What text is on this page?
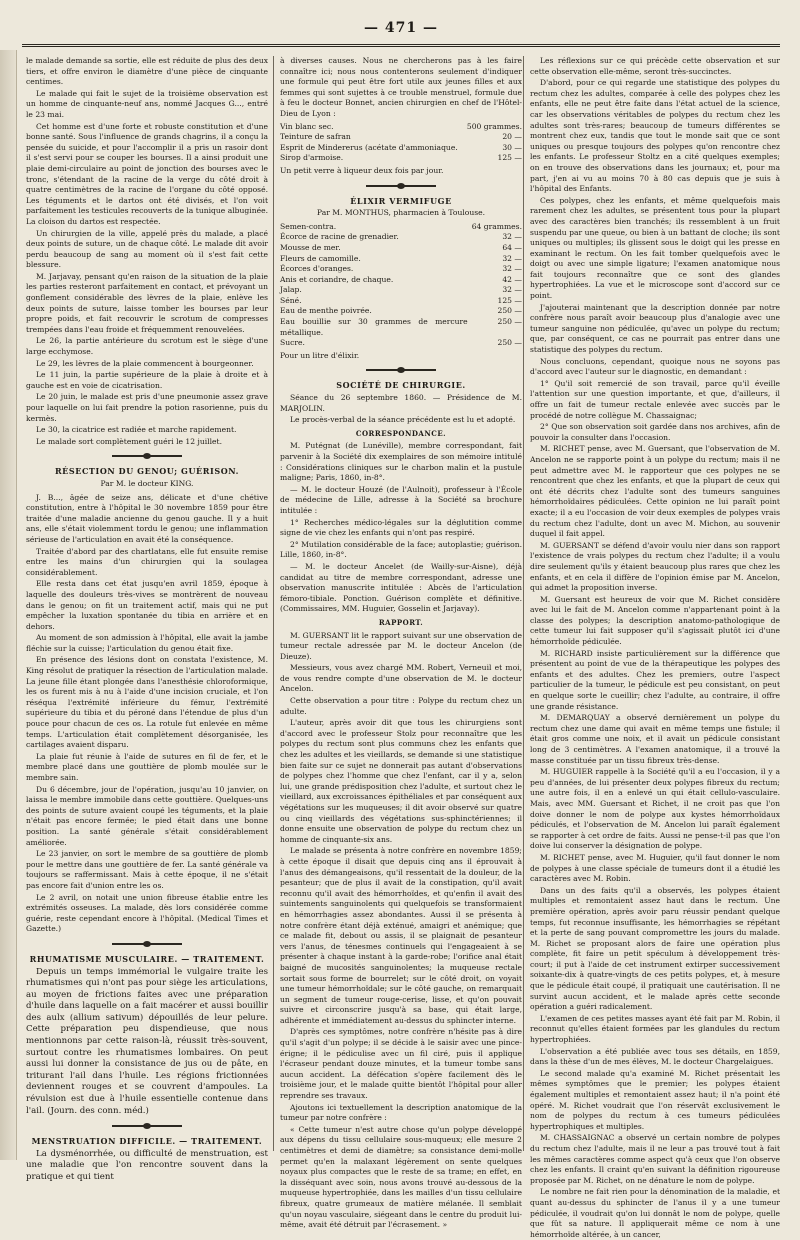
— 471 —

le malade demande sa sortie, elle est réduite de plus des deux tiers, et offre environ le diamètre d'une pièce de cinquante centimes.

Le malade qui fait le sujet de la troisième observation est un homme de cinquante-neuf ans, nommé Jacques G..., entré le 23 mai.

Cet homme est d'une forte et robuste constitution et d'une bonne santé. Sous l'influence de grands chagrins, il a conçu la pensée du suicide, et pour l'accomplir il a pris un rasoir dont il s'est servi pour se couper les bourses. Il a ainsi produit une plaie demi-circulaire au point de jonction des bourses avec le tronc, s'étendant de la racine de la verge du côté droit à quatre centimètres de la racine de l'organe du côté opposé. Les téguments et le dartos ont été divisés, et l'on voit parfaitement les testicules recouverts de la tunique albuginée. La cloison du dartos est respectée.

Un chirurgien de la ville, appelé près du malade, a placé deux points de suture, un de chaque côté. Le malade dit avoir perdu beaucoup de sang au moment où il s'est fait cette blessure.

M. Jarjavay, pensant qu'en raison de la situation de la plaie les parties resteront parfaitement en contact, et prévoyant un gonflement considérable des lèvres de la plaie, enlève les deux points de suture, laisse tomber les bourses par leur propre poids, et fait recouvrir le scrotum de compresses trempées dans l'eau froide et fréquemment renouvelées.

Le 26, la partie antérieure du scrotum est le siège d'une large ecchymose.

Le 29, les lèvres de la plaie commencent à bourgeonner.

Le 11 juin, la partie supérieure de la plaie à droite et à gauche est en voie de cicatrisation.

Le 20 juin, le malade est pris d'une pneumonie assez grave pour laquelle on lui fait prendre la potion rasorienne, puis du kermès.

Le 30, la cicatrice est radiée et marche rapidement.

Le malade sort complètement guéri le 12 juillet.

RÉSECTION DU GENOU; GUÉRISON.
Par M. le docteur KING.

J. B..., âgée de seize ans, délicate et d'une chétive constitution, entre à l'hôpital le 30 novembre 1859 pour être traitée d'une maladie ancienne du genou gauche. Il y a huit ans, elle s'était violemment tordu le genou; une inflammation sérieuse de l'articulation en avait été la conséquence.

Traitée d'abord par des chartlatans, elle fut ensuite remise entre les mains d'un chirurgien qui la soulagea considérablement.

Elle resta dans cet état jusqu'en avril 1859, époque à laquelle des douleurs très-vives se montrèrent de nouveau dans le genou; on fit un traitement actif, mais qui ne put empêcher la luxation spontanée du tibia en arrière et en dehors.

Au moment de son admission à l'hôpital, elle avait la jambe fléchie sur la cuisse; l'articulation du genou était fixe.

En présence des lésions dont on constata l'existence, M. King résolut de pratiquer la résection de l'articulation malade. La jeune fille étant plongée dans l'anesthésie chloroformique, les os furent mis à nu à l'aide d'une incision cruciale, et l'on réséqua l'extrémité inférieure du fémur, l'extrémité supérieure du tibia et du péroné dans l'étendue de plus d'un pouce pour chacun de ces os. La rotule fut enlevée en même temps. L'articulation était complètement désorganisée, les cartilages avaient disparu.

La plaie fut réunie à l'aide de sutures en fil de fer, et le membre placé dans une gouttière de plomb moulée sur le membre sain.

Du 6 décembre, jour de l'opération, jusqu'au 10 janvier, on laissa le membre immobile dans cette gouttière. Quelques-uns des points de suture avaient coupé les téguments, et la plaie n'était pas encore fermée; le pied était dans une bonne position. La santé générale s'était considérablement améliorée.

Le 23 janvier, on sort le membre de sa gouttière de plomb pour le mettre dans une gouttière de fer. La santé générale va toujours se raffermissant. Mais à cette époque, il ne s'était pas encore fait d'union entre les os.

Le 2 avril, on notait une union fibreuse établie entre les extrémités osseuses. La malade, dès lors considérée comme guérie, reste cependant encore à l'hôpital. (Medical Times et Gazette.)

RHUMATISME MUSCULAIRE. — TRAITEMENT.

Depuis un temps immémorial le vulgaire traite les rhumatismes qui n'ont pas pour siège les articulations, au moyen de frictions faites avec une préparation d'huile dans laquelle on a fait macérer et aussi bouillir des aulx (allium sativum) dépouillés de leur pelure. Cette préparation peu dispendieuse, que nous mentionnons par cette raison-là, réussit très-souvent, surtout contre les rhumatismes lombaires. On peut aussi lui donner la consistance de jus ou de pâte, en triturant l'ail dans l'huile. Les régions frictionnées deviennent rouges et se couvrent d'ampoules. La révulsion est due à l'huile essentielle contenue dans l'ail. (Journ. des conn. méd.)

MENSTRUATION DIFFICILE. — TRAITEMENT.

La dysménorrhée, ou difficulté de menstruation, est une maladie que l'on rencontre souvent dans la pratique et qui tient

à diverses causes. Nous ne chercherons pas à les faire connaître ici; nous nous contenterons seulement d'indiquer une formule qui peut être fort utile aux jeunes filles et aux femmes qui sont sujettes à ce trouble menstruel, formule due à feu le docteur Bonnet, ancien chirurgien en chef de l'Hôtel-Dieu de Lyon :

Vin blanc sec.	500 grammes.
Teinture de safran	20 —
Esprit de Mindererus (acétate d'ammoniaque.	30 —
Sirop d'armoise.	125 —

Un petit verre à liqueur deux fois par jour.

ÉLIXIR VERMIFUGE
Par M. MONTHUS, pharmacien à Toulouse.
Semen-contra.	64 grammes.
Écorce de racine de grenadier.	32 —
Mousse de mer.	64 —
Fleurs de camomille.	32 —
Écorces d'oranges.	32 —
Anis et coriandre, de chaque.	42 —
Jalap.	32 —
Séné.	125 —
Eau de menthe poivrée.	250 —
Eau bouillie sur 30 grammes de mercure métallique.	250 —
Sucre.	250 —

Pour un litre d'élixir.

SOCIÉTÉ DE CHIRURGIE.

Séance du 26 septembre 1860. — Présidence de M. MARJOLIN.

Le procès-verbal de la séance précédente est lu et adopté.

CORRESPONDANCE.

M. Putégnat (de Lunéville), membre correspondant, fait parvenir à la Société dix exemplaires de son mémoire intitulé : Considérations cliniques sur le charbon malin et la pustule maligne; Paris, 1860, in-8°.

— M. le docteur Houzé (de l'Aulnoit), professeur à l'École de médecine de Lille, adresse à la Société sa brochure intitulée :

1° Recherches médico-légales sur la déglutition comme signe de vie chez les enfants qui n'ont pas respiré.

2° Mutilation considérable de la face; autoplastie; guérison. Lille, 1860, in-8°.

— M. le docteur Ancelet (de Wailly-sur-Aisne), déjà candidat au titre de membre correspondant, adresse une observation manuscrite intitulée : Abcès de l'articulation fémoro-tibiale. Ponction. Guérison complète et définitive. (Commissaires, MM. Huguier, Gosselin et Jarjavay).

RAPPORT.

M. GUERSANT lit le rapport suivant sur une observation de tumeur rectale adressée par M. le docteur Ancelon (de Dieuze).

Messieurs, vous avez chargé MM. Robert, Verneuil et moi, de vous rendre compte d'une observation de M. le docteur Ancelon.

Cette observation a pour titre : Polype du rectum chez un adulte.

L'auteur, après avoir dit que tous les chirurgiens sont d'accord avec le professeur Stolz pour reconnaître que les polypes du rectum sont plus communs chez les enfants que chez les adultes et les vieillards, se demande si une statistique bien faite sur ce sujet ne donnerait pas autant d'observations de polypes chez l'homme que chez l'enfant, car il y a, selon lui, une grande prédisposition chez l'adulte, et surtout chez le vieillard, aux excroissances épithéliales et par conséquent aux végétations sur les muqueuses; il dit avoir observé sur quatre ou cinq vieillards des végétations sus-sphinctériennes; il donne ensuite une observation de polype du rectum chez un homme de cinquante-six ans.

Le malade se présenta à notre confrère en novembre 1859; à cette époque il disait que depuis cinq ans il éprouvait à l'anus des démangeaisons, qu'il ressentait de la douleur, de la pesanteur; que de plus il avait de la constipation, qu'il avait reconnu qu'il avait des hémorrhoïdes, et qu'enfin il avait des suintements sanguinolents qui quelquefois se transformaient en hémorrhagies assez abondantes. Aussi il se présenta à notre confrère étant déjà exténué, amaigri et anémique; que ce malade fit, debout ou assis, il se plaignait de pesanteur vers l'anus, de ténesmes continuels qui l'engageaient à se présenter à chaque instant à la garde-robe; l'orifice anal était baigné de mucosités sanguinolentes; la muqueuse rectale sortait sous forme de bourrelet; sur le côté droit, on voyait une tumeur hémorrhoïdale; sur le côté gauche, on remarquait un segment de tumeur rouge-cerise, lisse, et qu'on pouvait suivre et circonscrire jusqu'à sa base, qui était large, adhérente et immédiatement au-dessus du sphincter interne.

D'après ces symptômes, notre confrère n'hésite pas à dire qu'il s'agit d'un polype; il se décide à le saisir avec une pince-érigne; il le pédiculise avec un fil ciré, puis il applique l'écraseur pendant douze minutes, et la tumeur tombe sans aucun accident. La défécation s'opère facilement dès le troisième jour, et le malade quitte bientôt l'hôpital pour aller reprendre ses travaux.

Ajoutons ici textuellement la description anatomique de la tumeur par notre confrère :

« Cette tumeur n'est autre chose qu'un polype développé aux dépens du tissu cellulaire sous-muqueux; elle mesure 2 centimètres et demi de diamètre; sa consistance demi-molle permet qu'en la malaxant légèrement on sente quelques noyaux plus compactes que le reste de sa trame; en effet, en la disséquant avec soin, nous avons trouvé au-dessous de la muqueuse hypertrophiée, dans les mailles d'un tissu cellulaire fibreux, quatre grumeaux de matière mélanée. Il semblait qu'un noyau vasculaire, siégeant dans le centre du produit lui-même, avait été détruit par l'écrasement. »

Les réflexions sur ce qui précède cette observation et sur cette observation elle-même, seront très-succinctes.

D'abord, pour ce qui regarde une statistique des polypes du rectum chez les adultes, comparée à celle des polypes chez les enfants, elle ne peut être faite dans l'état actuel de la science, car les observations véritables de polypes du rectum chez les adultes sont très-rares; beaucoup de tumeurs différentes se montrent chez eux, tandis que tout le monde sait que ce sont uniques ou presque toujours des polypes qu'on rencontre chez les enfants. Le professeur Stoltz en a cité quelques exemples; on en trouve des observations dans les journaux; et, pour ma part, j'en ai vu au moins 70 à 80 cas depuis que je suis à l'hôpital des Enfants.

Ces polypes, chez les enfants, et même quelquefois mais rarement chez les adultes, se présentent tous pour la plupart avec des caractères bien tranchés; ils ressemblent à un fruit suspendu par une queue, ou bien à un battant de cloche; ils sont uniques ou multiples; ils glissent sous le doigt qui les presse en examinant le rectum. On les fait tomber quelquefois avec le doigt ou avec une simple ligature; l'examen anatomique nous fait toujours reconnaître que ce sont des glandes hypertrophiées. La vue et le microscope sont d'accord sur ce point.

J'ajouterai maintenant que la description donnée par notre confrère nous paraît avoir beaucoup plus d'analogie avec une tumeur sanguine non pédiculée, qu'avec un polype du rectum; que, par conséquent, ce cas ne pourrait pas entrer dans une statistique des polypes du rectum.

Nous concluons, cependant, quoique nous ne soyons pas d'accord avec l'auteur sur le diagnostic, en demandant :

1° Qu'il soit remercié de son travail, parce qu'il éveille l'attention sur une question importante, et que, d'ailleurs, il offre un fait de tumeur rectale enlevée avec succès par le procédé de notre collègue M. Chassaignac;

2° Que son observation soit gardée dans nos archives, afin de pouvoir la consulter dans l'occasion.

M. RICHET pense, avec M. Guersant, que l'observation de M. Ancelon ne se rapporte point à un polype du rectum; mais il ne peut admettre avec M. le rapporteur que ces polypes ne se rencontrent que chez les enfants, et que la plupart de ceux qui ont été décrits chez l'adulte sont des tumeurs sanguines hémorrhoïdaires pédiculées. Cette opinion ne lui paraît point exacte; il a eu l'occasion de voir deux exemples de polypes vrais du rectum chez l'adulte, dont un avec M. Michon, au souvenir duquel il fait appel.

M. GUERSANT se défend d'avoir voulu nier dans son rapport l'existence de vrais polypes du rectum chez l'adulte; il a voulu dire seulement qu'ils y étaient beaucoup plus rares que chez les enfants, et en cela il diffère de l'opinion émise par M. Ancelon, qui admet la proposition inverse.

M. Guersant est heureux de voir que M. Richet considère avec lui le fait de M. Ancelon comme n'appartenant point à la classe des polypes; la description anatomo-pathologique de cette tumeur lui fait supposer qu'il s'agissait plutôt ici d'une hémorrhoïde pédiculée.

M. RICHARD insiste particulièrement sur la différence que présentent au point de vue de la thérapeutique les polypes des enfants et des adultes. Chez les premiers, outre l'aspect particulier de la tumeur, le pédicule est peu consistant, on peut en quelque sorte le cueillir; chez l'adulte, au contraire, il offre une grande résistance.

M. DEMARQUAY a observé dernièrement un polype du rectum chez une dame qui avait en même temps une fistule; il était gros comme une noix, et il avait un pédicule consistant long de 3 centimètres. A l'examen anatomique, il a trouvé la masse constituée par un tissu fibreux très-dense.

M. HUGUIER rappelle à la Société qu'il a eu l'occasion, il y a peu d'années, de lui présenter deux polypes fibreux du rectum; une autre fois, il en a enlevé un qui était cellulo-vasculaire. Mais, avec MM. Guersant et Richet, il ne croit pas que l'on doive donner le nom de polype aux kystes hémorrhoïdaux pédiculés, et l'observation de M. Ancelon lui paraît également se rapporter à cet ordre de faits. Aussi ne pense-t-il pas que l'on doive lui conserver la désignation de polype.

M. RICHET pense, avec M. Huguier, qu'il faut donner le nom de polypes à une classe spéciale de tumeurs dont il a étudié les caractères avec M. Robin.

Dans un des faits qu'il a observés, les polypes étaient multiples et remontaient assez haut dans le rectum. Une première opération, après avoir paru réussir pendant quelque temps, fut reconnue insuffisante, les hémorrhagies se répétant et la perte de sang pouvant compromettre les jours du malade. M. Richet se proposant alors de faire une opération plus complète, fit faire un petit spéculum à développement très-court; il put à l'aide de cet instrument extirper successivement soixante-dix à quatre-vingts de ces petits polypes, et, à mesure que le pédicule était coupé, il pratiquait une cautérisation. Il ne survint aucun accident, et le malade après cette seconde opération a guéri radicalement.

L'examen de ces petites masses ayant été fait par M. Robin, il reconnut qu'elles étaient formées par les glandules du rectum hypertrophiées.

L'observation a été publiée avec tous ses détails, en 1859, dans la thèse d'un de mes élèves, M. le docteur Chargelaigues.

Le second malade qu'a examiné M. Richet présentait les mêmes symptômes que le premier; les polypes étaient également multiples et remontaient assez haut; il n'a point été opéré. M. Richet voudrait que l'on réservât exclusivement le nom de polypes du rectum à ces tumeurs pédiculées hypertrophiques et multiples.

M. CHASSAIGNAC a observé un certain nombre de polypes du rectum chez l'adulte, mais il ne leur a pas trouvé tout à fait les mêmes caractères comme aspect qu'à ceux que l'on observe chez les enfants. Il craint qu'en suivant la définition rigoureuse proposée par M. Richet, on ne dénature le nom de polype.

Le nombre ne fait rien pour la dénomination de la maladie, et quant au-dessus du sphincter de l'anus il y a une tumeur pédiculée, il voudrait qu'on lui donnât le nom de polype, quelle que fût sa nature. Il appliquerait même ce nom à une hémorrhoïde altérée, à un cancer,
